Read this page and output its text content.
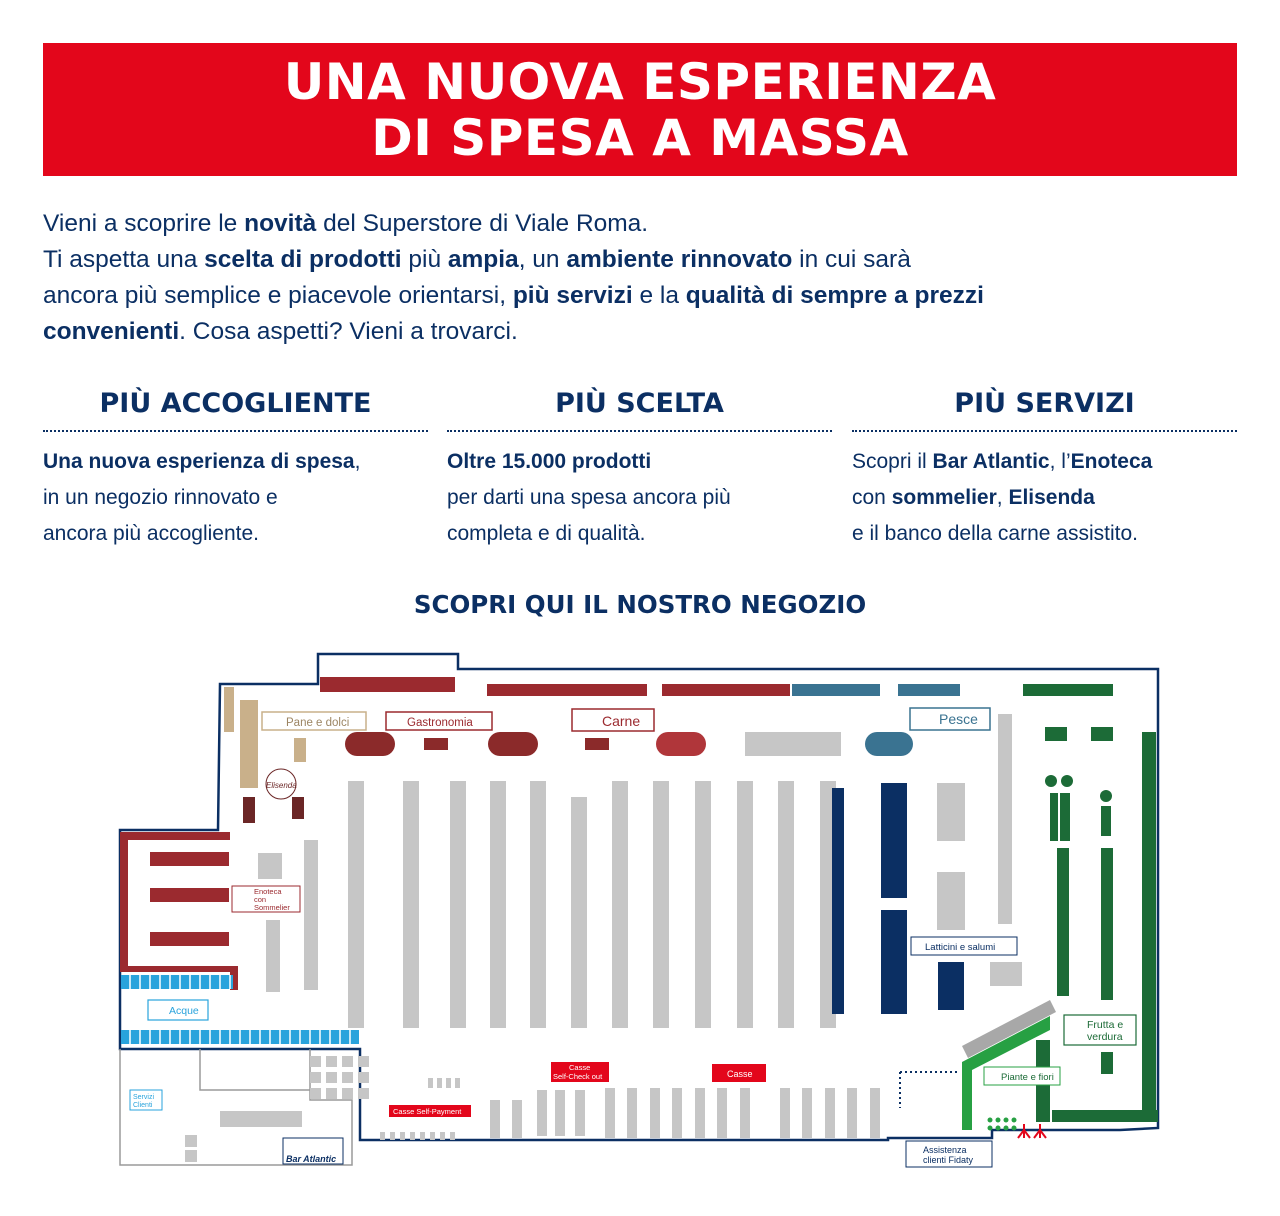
UNA NUOVA ESPERIENZA
DI SPESA A MASSA
Vieni a scoprire le novità del Superstore di Viale Roma.
Ti aspetta una scelta di prodotti più ampia, un ambiente rinnovato in cui sarà
ancora più semplice e piacevole orientarsi, più servizi e la qualità di sempre a prezzi
convenienti. Cosa aspetti? Vieni a trovarci.
PIÙ ACCOGLIENTE
Una nuova esperienza di spesa,
in un negozio rinnovato e
ancora più accogliente.
PIÙ SCELTA
Oltre 15.000 prodotti
per darti una spesa ancora più
completa e di qualità.
PIÙ SERVIZI
Scopri il Bar Atlantic, l’Enoteca
con sommelier, Elisenda
e il banco della carne assistito.
SCOPRI QUI IL NOSTRO NEGOZIO
Pane e dolci	Gastronomia	Carne	Pesce
Enoteca
con
Sommelier
Acque
Latticini e salumi
Frutta e
verdura
Piante e fiori
Servizi
Clienti
Casse Self-Payment
Casse
Self-Check out	Casse
Assistenza
clienti Fidaty
Bar Atlantic
Elisenda
